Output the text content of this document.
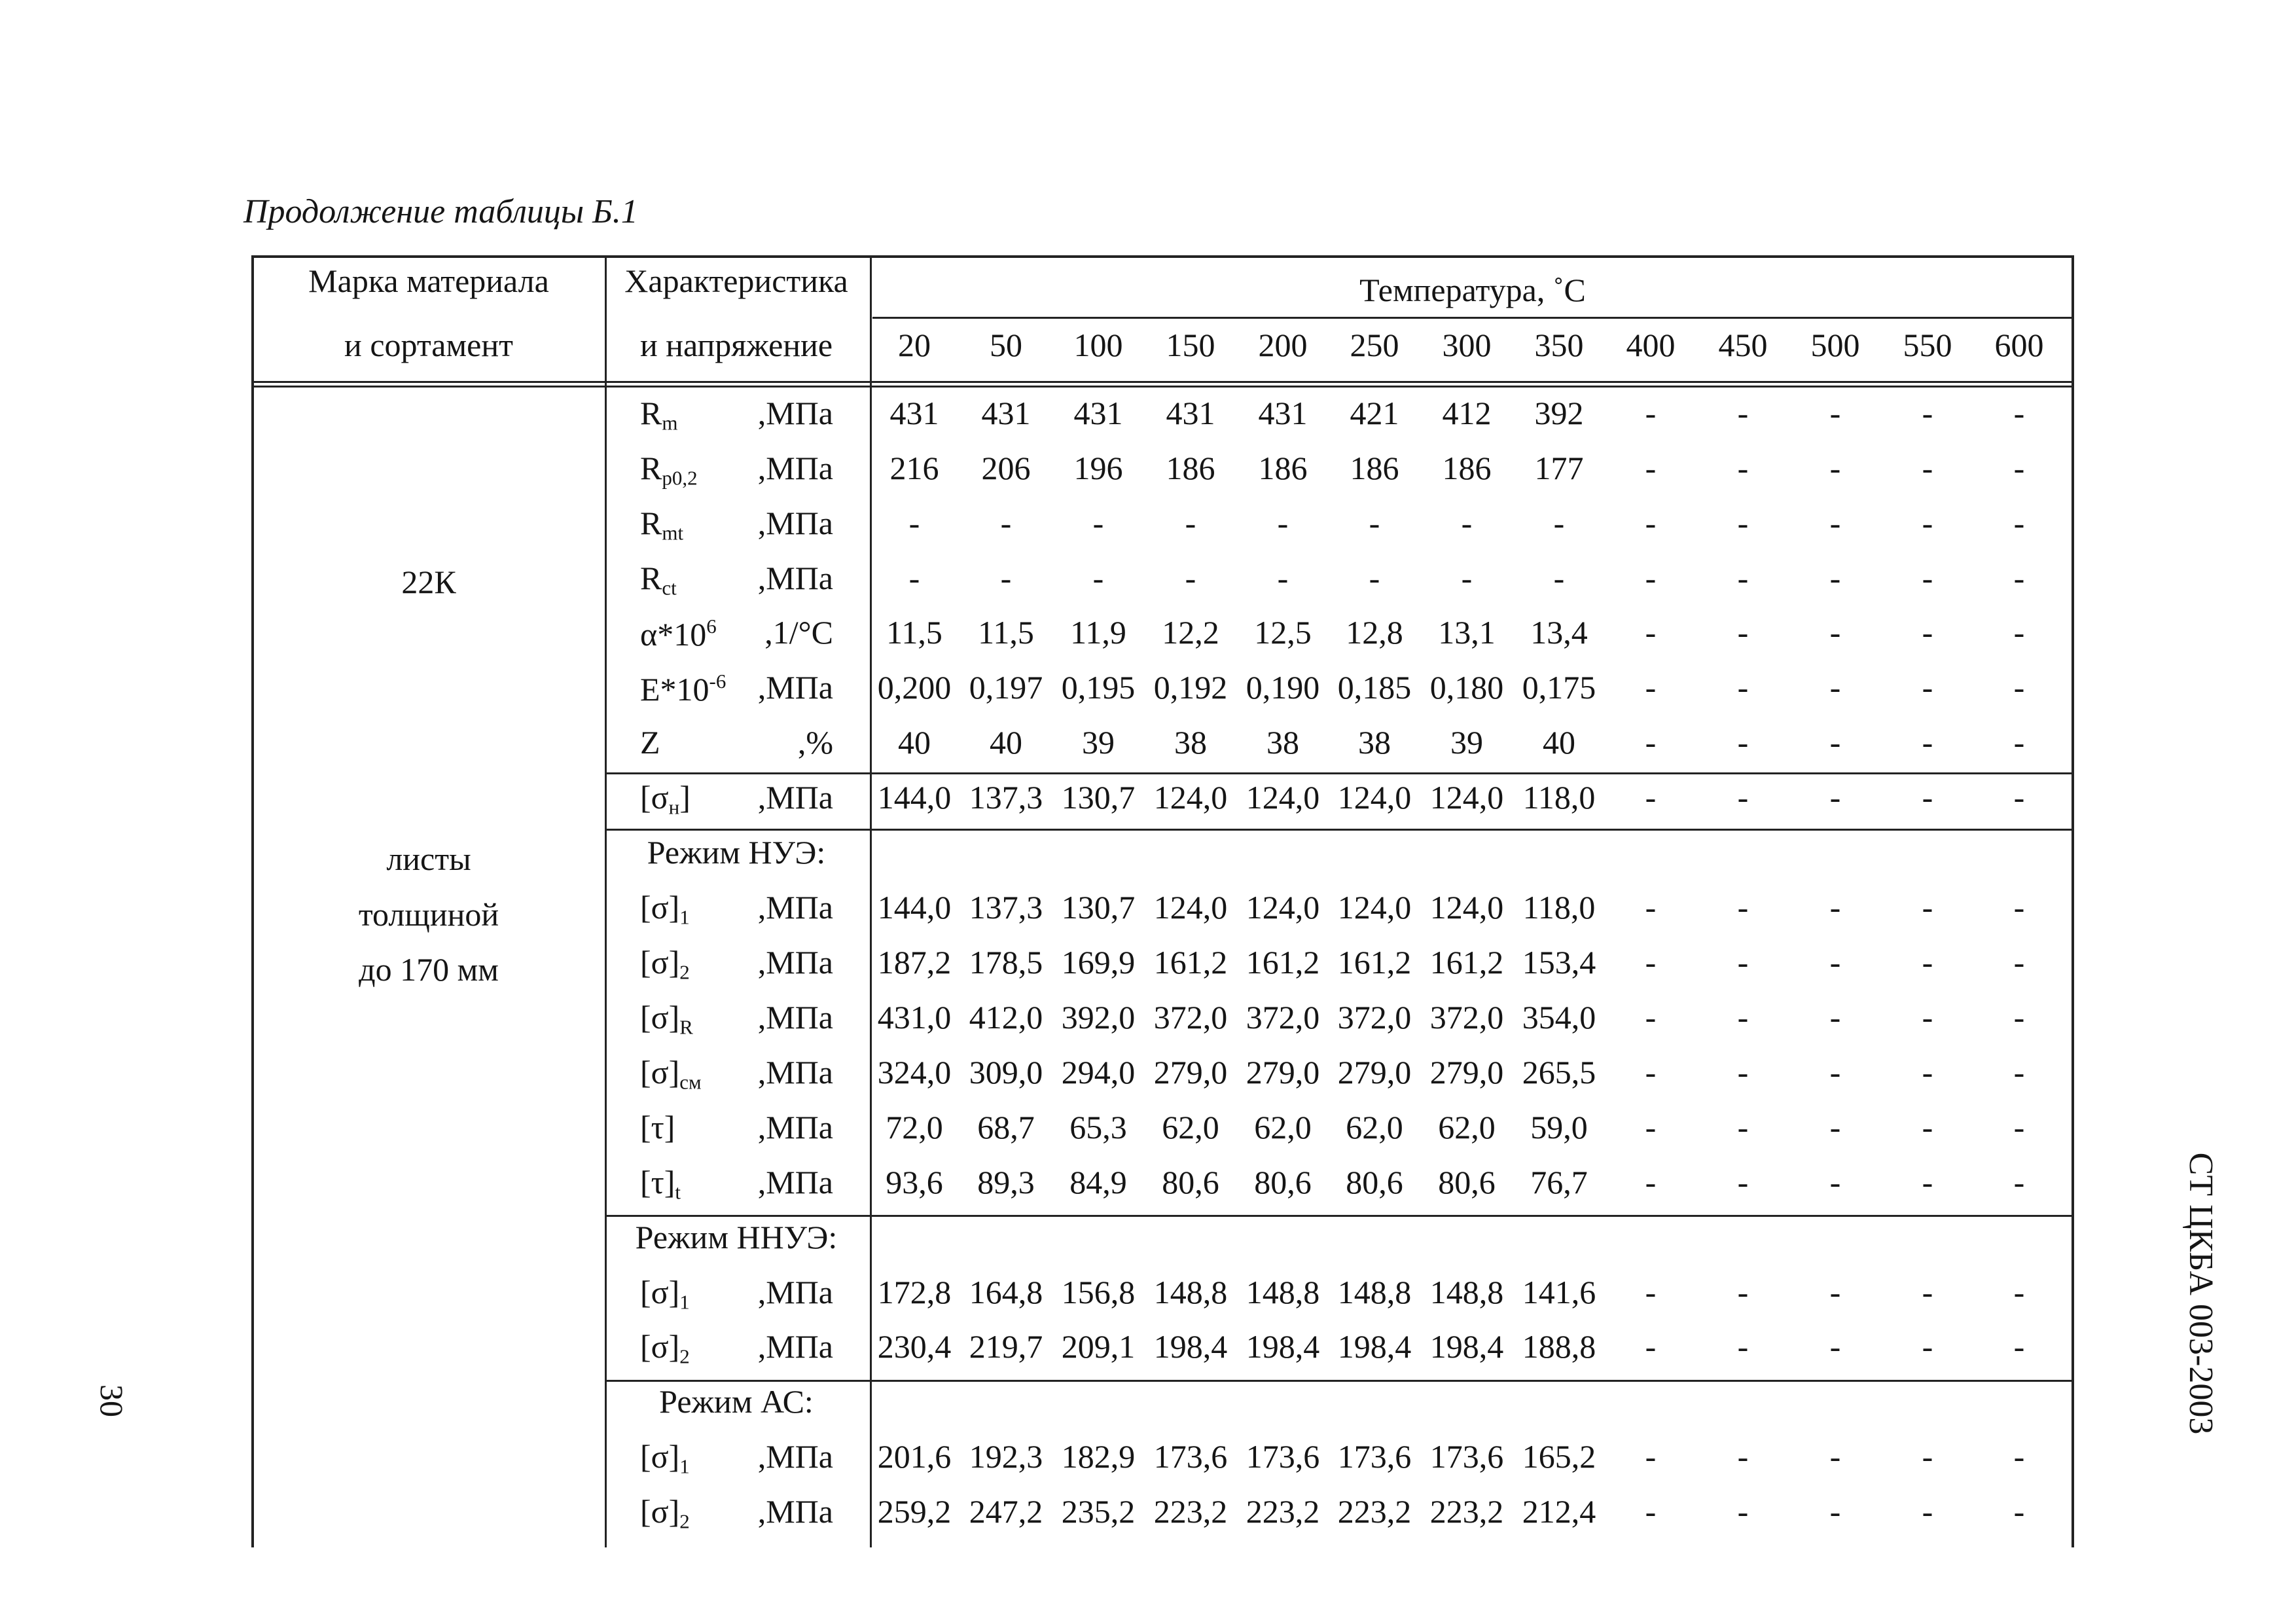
Продолжение таблицы Б.1
Марка материала
и сортамент
Характеристика
и напряжение
Температура, ˚С
20 50 100 150 200 250 300 350 400 450 500 550 600
22К
листы
толщиной
до 170 мм
$R_m$ ,МПа 431 431 431 431 431 421 412 392 - - - - -
$R_{p0,2}$ ,МПа 216 206 196 186 186 186 186 177 - - - - -
$R_{mt}$ ,МПа - - - - - - - - - - - - -
$R_{ct}$ ,МПа - - - - - - - - - - - - -
$\alpha*10^6$ ,1/°С 11,5 11,5 11,9 12,2 12,5 12,8 13,1 13,4 - - - - -
$E*10^{-6}$ ,МПа 0,200 0,197 0,195 0,192 0,190 0,185 0,180 0,175 - - - - -
Z	,% 40 40 39 38 38 38 39 40 - - - - -
$[\sigma_н]$ ,МПа 144,0 137,3 130,7 124,0 124,0 124,0 124,0 118,0 - - - - -
Режим НУЭ:
$[\sigma]_1$ ,МПа 144,0 137,3 130,7 124,0 124,0 124,0 124,0 118,0 - - - - -
$[\sigma]_2$ ,МПа 187,2 178,5 169,9 161,2 161,2 161,2 161,2 153,4 - - - - -
$[\sigma]_R$ ,МПа 431,0 412,0 392,0 372,0 372,0 372,0 372,0 354,0 - - - - -
$[\sigma]_{см}$ ,МПа 324,0 309,0 294,0 279,0 279,0 279,0 279,0 265,5 - - - - -
[τ]	,МПа 72,0 68,7 65,3 62,0 62,0 62,0 62,0 59,0 - - - - -
$[\tau]_t$ ,МПа 93,6 89,3 84,9 80,6 80,6 80,6 80,6 76,7 - - - - -
Режим ННУЭ:
$[\sigma]_1$ ,МПа 172,8 164,8 156,8 148,8 148,8 148,8 148,8 141,6 - - - - -
$[\sigma]_2$ ,МПа 230,4 219,7 209,1 198,4 198,4 198,4 198,4 188,8 - - - - -
Режим АС:
$[\sigma]_1$ ,МПа 201,6 192,3 182,9 173,6 173,6 173,6 173,6 165,2 - - - - -
$[\sigma]_2$ ,МПа 259,2 247,2 235,2 223,2 223,2 223,2 223,2 212,4 - - - - -
30	СТ ЦКБА 003-2003
